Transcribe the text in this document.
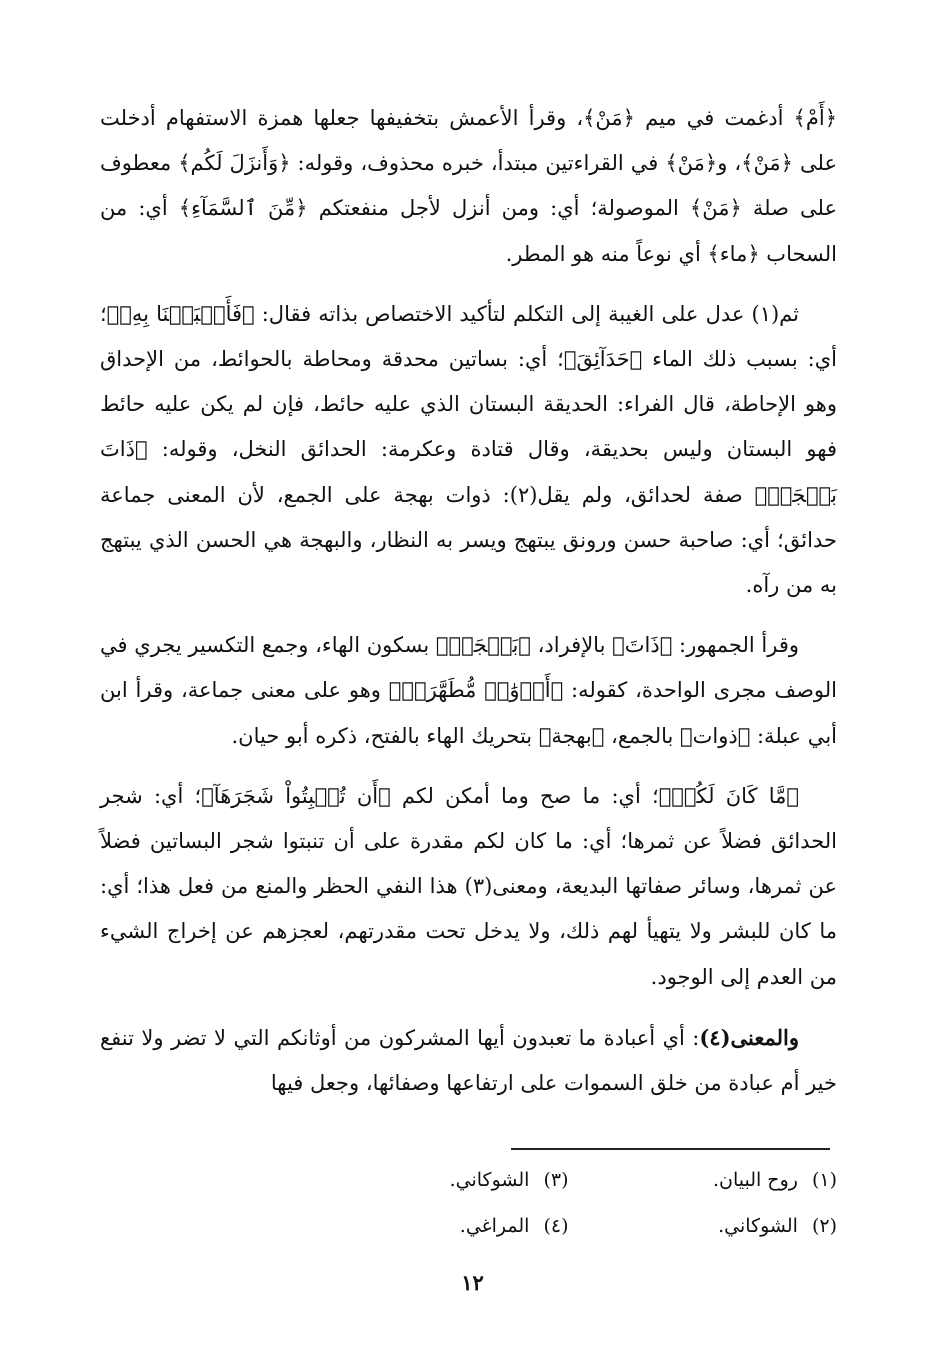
﴿أَمْ﴾ أدغمت في ميم ﴿مَنْ﴾، وقرأ الأعمش بتخفيفها جعلها همزة الاستفهام أدخلت على ﴿مَنْ﴾، و﴿مَنْ﴾ في القراءتين مبتدأ، خبره محذوف، وقوله: ﴿وَأَنزَلَ لَكُم﴾ معطوف على صلة ﴿مَنْ﴾ الموصولة؛ أي: ومن أنزل لأجل منفعتكم ﴿مِّنَ ٱلسَّمَآءِ﴾ أي: من السحاب ﴿ماء﴾ أي نوعاً منه هو المطر.

ثم(١) عدل على الغيبة إلى التكلم لتأكيد الاختصاص بذاته فقال: ﴿فَأَنۢبَتۡنَا بِهِۦ﴾؛ أي: بسبب ذلك الماء ﴿حَدَآئِقَ﴾؛ أي: بساتين محدقة ومحاطة بالحوائط، من الإحداق وهو الإحاطة، قال الفراء: الحديقة البستان الذي عليه حائط، فإن لم يكن عليه حائط فهو البستان وليس بحديقة، وقال قتادة وعكرمة: الحدائق النخل، وقوله: ﴿ذَاتَ بَهۡجَةٖ﴾ صفة لحدائق، ولم يقل(٢): ذوات بهجة على الجمع، لأن المعنى جماعة حدائق؛ أي: صاحبة حسن ورونق يبتهج ويسر به النظار، والبهجة هي الحسن الذي يبتهج به من رآه.

وقرأ الجمهور: ﴿ذَاتَ﴾ بالإفراد، ﴿بَهۡجَةٖ﴾ بسكون الهاء، وجمع التكسير يجري في الوصف مجرى الواحدة، كقوله: ﴿أَزۡوَٰجٞ مُّطَهَّرَةٞ﴾ وهو على معنى جماعة، وقرأ ابن أبي عبلة: ﴿ذوات﴾ بالجمع، ﴿بهجة﴾ بتحريك الهاء بالفتح، ذكره أبو حيان.

﴿مَّا كَانَ لَكُمۡ﴾؛ أي: ما صح وما أمكن لكم ﴿أَن تُنۢبِتُواْ شَجَرَهَآ﴾؛ أي: شجر الحدائق فضلاً عن ثمرها؛ أي: ما كان لكم مقدرة على أن تنبتوا شجر البساتين فضلاً عن ثمرها، وسائر صفاتها البديعة، ومعنى(٣) هذا النفي الحظر والمنع من فعل هذا؛ أي: ما كان للبشر ولا يتهيأ لهم ذلك، ولا يدخل تحت مقدرتهم، لعجزهم عن إخراج الشيء من العدم إلى الوجود.

والمعنى(٤): أي أعبادة ما تعبدون أيها المشركون من أوثانكم التي لا تضر ولا تنفع خير أم عبادة من خلق السموات على ارتفاعها وصفائها، وجعل فيها

(١)روح البيان.
(٣)الشوكاني.
(٢)الشوكاني.
(٤)المراغي.
١٢
